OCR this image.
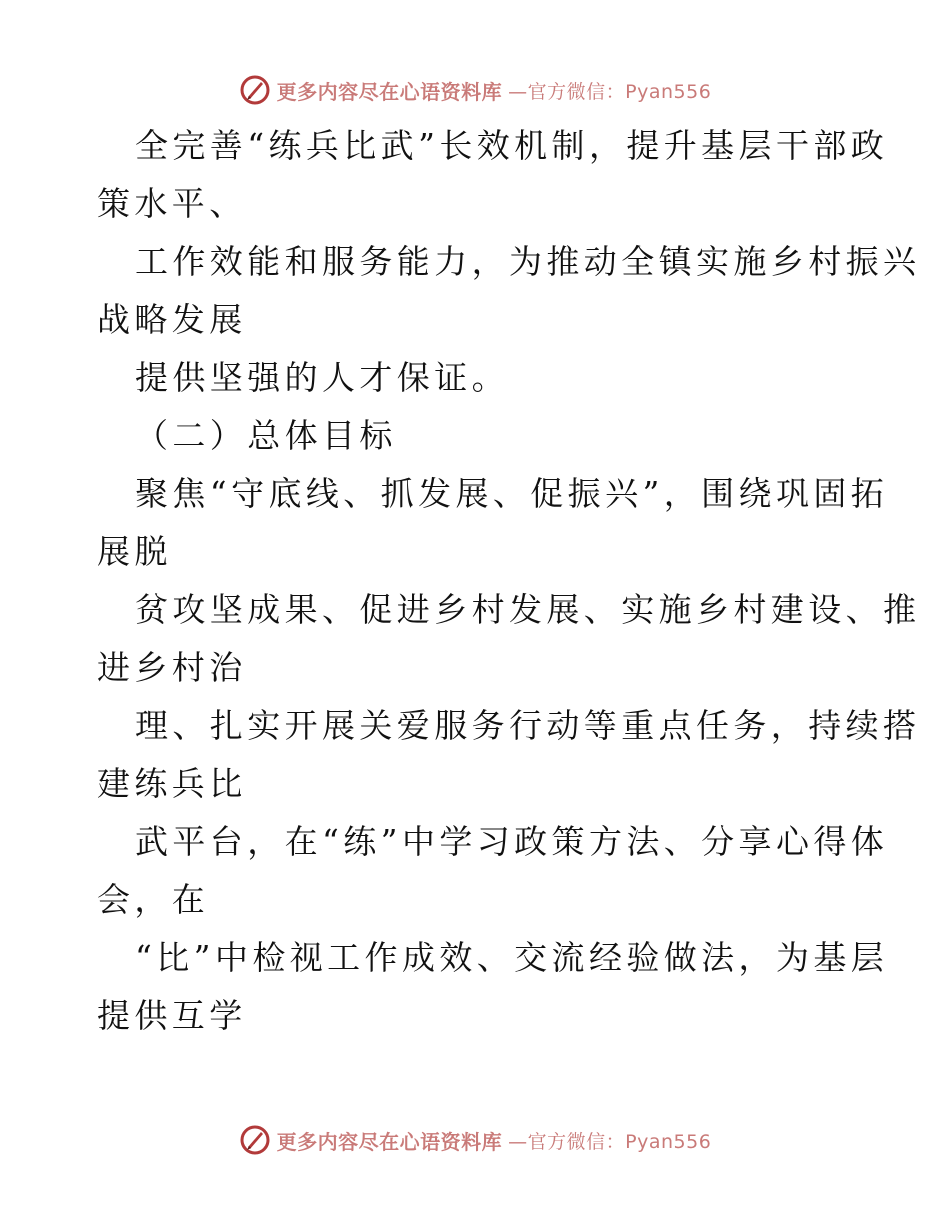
更多内容尽在心语资料库 —官方微信：Pyan556
全完善“练兵比武”长效机制，提升基层干部政
策水平、
工作效能和服务能力，为推动全镇实施乡村振兴
战略发展
提供坚强的人才保证。
（二）总体目标
聚焦“守底线、抓发展、促振兴”，围绕巩固拓
展脱
贫攻坚成果、促进乡村发展、实施乡村建设、推
进乡村治
理、扎实开展关爱服务行动等重点任务，持续搭
建练兵比
武平台，在“练”中学习政策方法、分享心得体
会，在
“比”中检视工作成效、交流经验做法，为基层
提供互学
更多内容尽在心语资料库 —官方微信：Pyan556
